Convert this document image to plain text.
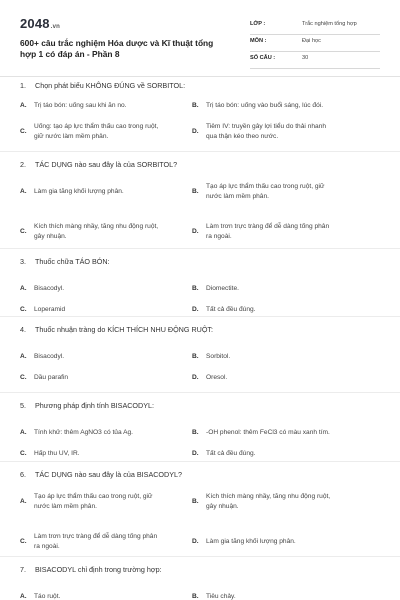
2048.vn
600+ câu trắc nghiệm Hóa dược và Kĩ thuật tổng hợp 1 có đáp án - Phần 8
LỚP :	Trắc nghiệm tổng hợp
MÔN :	Đại học
SỐ CÂU :	30
1. Chọn phát biểu KHÔNG ĐÚNG về SORBITOL:
A. Trị táo bón: uống sau khi ăn no.	B. Trị táo bón: uống vào buổi sáng, lúc đói.
C.
Uống: tạo áp lực thẩm thấu cao trong ruột,
giữ nước làm mềm phân.
D.
Tiêm IV: truyền gây lợi tiểu do thải nhanh
qua thận kéo theo nước.
2. TÁC DỤNG nào sau đây là của SORBITOL?
A. Làm gia tăng khối lượng phân.	B.
Tạo áp lực thẩm thấu cao trong ruột, giữ
nước làm mềm phân.
C.
Kích thích màng nhầy, tăng nhu động ruột,
gây nhuận.
D.
Làm trơn trực tràng để dễ dàng tống phân
ra ngoài.
3. Thuốc chữa TÁO BÓN:
A. Bisacodyl.	B. Diomectite.
C. Loperamid	D. Tất cả đều đúng.
4. Thuốc nhuận tràng do KÍCH THÍCH NHU ĐỘNG RUỘT:
A. Bisacodyl.	B. Sorbitol.
C. Dầu parafin	D. Oresol.
5. Phương pháp định tính BISACODYL:
A. Tính khử: thêm AgNO3 có tủa Ag.	B. -OH phenol: thêm FeCl3 có màu xanh tím.
C. Hấp thu UV, IR.	D. Tất cả đều đúng.
6. TÁC DỤNG nào sau đây là của BISACODYL?
A.
Tạo áp lực thẩm thấu cao trong ruột, giữ
nước làm mềm phân.
B.
Kích thích màng nhầy, tăng nhu động ruột,
gây nhuận.
C.
Làm trơn trực tràng để dễ dàng tống phân
ra ngoài.
D. Làm gia tăng khối lượng phân.
7. BISACODYL chỉ định trong trường hợp:
A. Táo ruột.	B. Tiêu chảy.
